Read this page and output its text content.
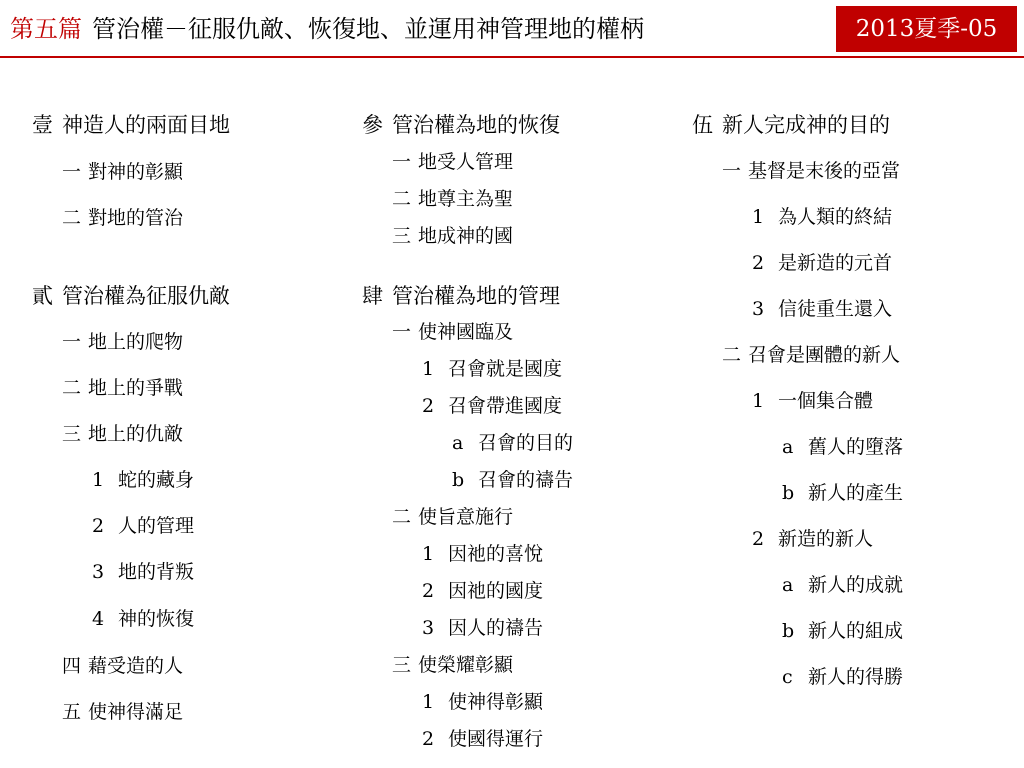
第五篇 管治權－征服仇敵、恢復地、並運用神管理地的權柄	2013夏季-05
壹 神造人的兩面目地
一 對神的彰顯
二 對地的管治
貳 管治權為征服仇敵
一 地上的爬物
二 地上的爭戰
三 地上的仇敵
1 蛇的藏身
2 人的管理
3 地的背叛
4 神的恢復
四 藉受造的人
五 使神得滿足
參 管治權為地的恢復
一 地受人管理
二 地尊主為聖
三 地成神的國
肆 管治權為地的管理
一 使神國臨及
1 召會就是國度
2 召會帶進國度
a 召會的目的
b 召會的禱告
二 使旨意施行
1 因祂的喜悅
2 因祂的國度
3 因人的禱告
三 使榮耀彰顯
1 使神得彰顯
2 使國得運行
伍 新人完成神的目的
一 基督是末後的亞當
1 為人類的終結
2 是新造的元首
3 信徒重生還入
二 召會是團體的新人
1 一個集合體
a 舊人的墮落
b 新人的產生
2 新造的新人
a 新人的成就
b 新人的組成
c 新人的得勝
